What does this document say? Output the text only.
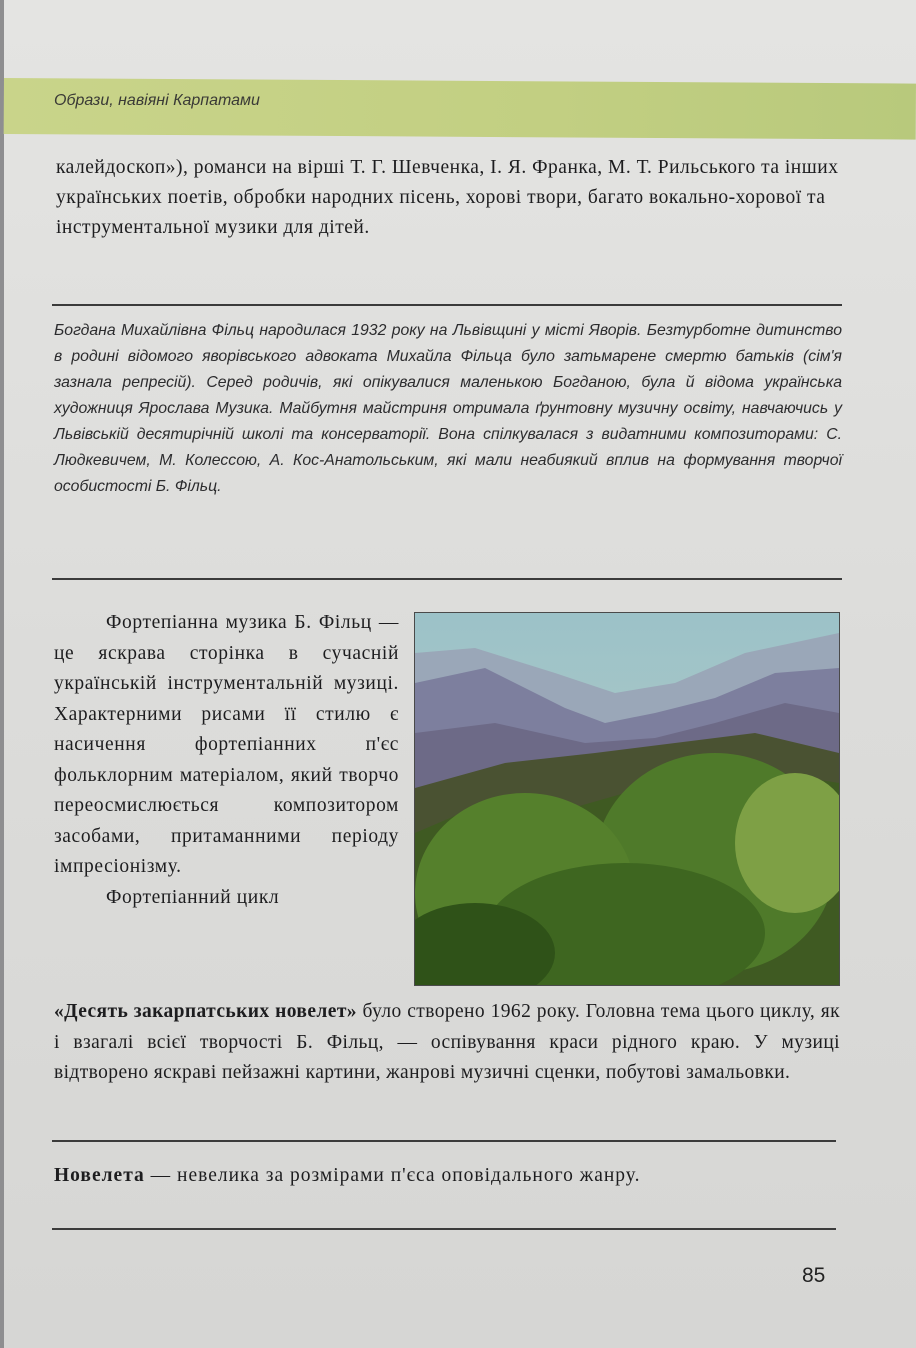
Образи, навіяні Карпатами
калейдоскоп»), романси на вірші Т. Г. Шевченка, І. Я. Франка, М. Т. Рильського та інших українських поетів, обробки народних пісень, хорові твори, багато вокально-хорової та інструментальної музики для дітей.
Богдана Михайлівна Фільц народилася 1932 року на Львівщині у місті Яворів. Безтурботне дитинство в родині відомого яворівського адвоката Михайла Фільца було затьмарене смертю батьків (сім'я зазнала репресій). Серед родичів, які опікувалися маленькою Богданою, була й відома українська художниця Ярослава Музика. Майбутня майстриня отримала ґрунтовну музичну освіту, навчаючись у Львівській десятирічній школі та консерваторії. Вона спілкувалася з видатними композиторами: С. Людкевичем, М. Колессою, А. Кос-Анатольським, які мали неабиякий вплив на формування творчої особистості Б. Фільц.
Фортепіанна музика Б. Фільц — це яскрава сторінка в сучасній українській інструментальній музиці. Характерними рисами її стилю є насичення фортепіанних п'єс фольклорним матеріалом, який творчо переосмислюється композитором засобами, притаманними періоду імпресіонізму.
Фортепіанний цикл
«Десять закарпатських новелет» було створено 1962 року. Головна тема цього циклу, як і взагалі всієї творчості Б. Фільц, — оспівування краси рідного краю. У музиці відтворено яскраві пейзажні картини, жанрові музичні сценки, побутові замальовки.
Новелета — невелика за розмірами п'єса оповідального жанру.
85
